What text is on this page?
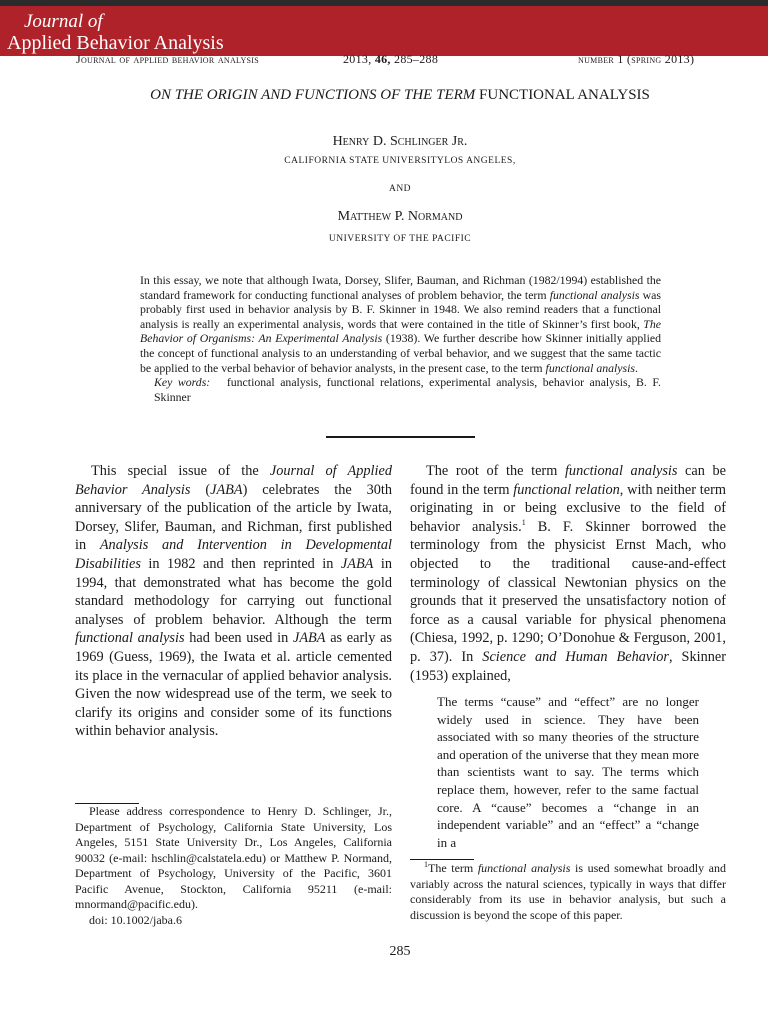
Journal of
Applied Behavior Analysis
Journal of applied behavior analysis	2013, 46, 285–288	number 1 (spring 2013)
ON THE ORIGIN AND FUNCTIONS OF THE TERM FUNCTIONAL ANALYSIS
Henry D. Schlinger Jr.
CALIFORNIA STATE UNIVERSITYLOS ANGELES,
AND
Matthew P. Normand
UNIVERSITY OF THE PACIFIC

In this essay, we note that although Iwata, Dorsey, Slifer, Bauman, and Richman (1982/1994) established the standard framework for conducting functional analyses of problem behavior, the term functional analysis was probably first used in behavior analysis by B. F. Skinner in 1948. We also remind readers that a functional analysis is really an experimental analysis, words that were contained in the title of Skinner’s first book, The Behavior of Organisms: An Experimental Analysis (1938). We further describe how Skinner initially applied the concept of functional analysis to an understanding of verbal behavior, and we suggest that the same tactic be applied to the verbal behavior of behavior analysts, in the present case, to the term functional analysis.

Key words: functional analysis, functional relations, experimental analysis, behavior analysis, B. F. Skinner

This special issue of the Journal of Applied Behavior Analysis (JABA) celebrates the 30th anniversary of the publication of the article by Iwata, Dorsey, Slifer, Bauman, and Richman, first published in Analysis and Intervention in Developmental Disabilities in 1982 and then reprinted in JABA in 1994, that demonstrated what has become the gold standard methodology for carrying out functional analyses of problem behavior. Although the term functional analysis had been used in JABA as early as 1969 (Guess, 1969), the Iwata et al. article cemented its place in the vernacular of applied behavior analysis. Given the now widespread use of the term, we seek to clarify its origins and consider some of its functions within behavior analysis.

The root of the term functional analysis can be found in the term functional relation, with neither term originating in or being exclusive to the field of behavior analysis.$^1$ B. F. Skinner borrowed the terminology from the physicist Ernst Mach, who objected to the traditional cause-and-effect terminology of classical Newtonian physics on the grounds that it preserved the unsatisfactory notion of force as a causal variable for physical phenomena (Chiesa, 1992, p. 1290; O’Donohue & Ferguson, 2001, p. 37). In Science and Human Behavior, Skinner (1953) explained,

The terms “cause” and “effect” are no longer widely used in science. They have been associated with so many theories of the structure and operation of the universe that they mean more than scientists want to say. The terms which replace them, however, refer to the same factual core. A “cause” becomes a “change in an independent variable” and an “effect” a “change in a

Please address correspondence to Henry D. Schlinger, Jr., Department of Psychology, California State University, Los Angeles, 5151 State University Dr., Los Angeles, California 90032 (e-mail: hschlin@calstatela.edu) or Matthew P. Normand, Department of Psychology, University of the Pacific, 3601 Pacific Avenue, Stockton, California 95211 (e-mail: mnormand@pacific.edu).

doi: 10.1002/jaba.6

$^1$The term functional analysis is used somewhat broadly and variably across the natural sciences, typically in ways that differ considerably from its use in behavior analysis, but such a discussion is beyond the scope of this paper.

285
